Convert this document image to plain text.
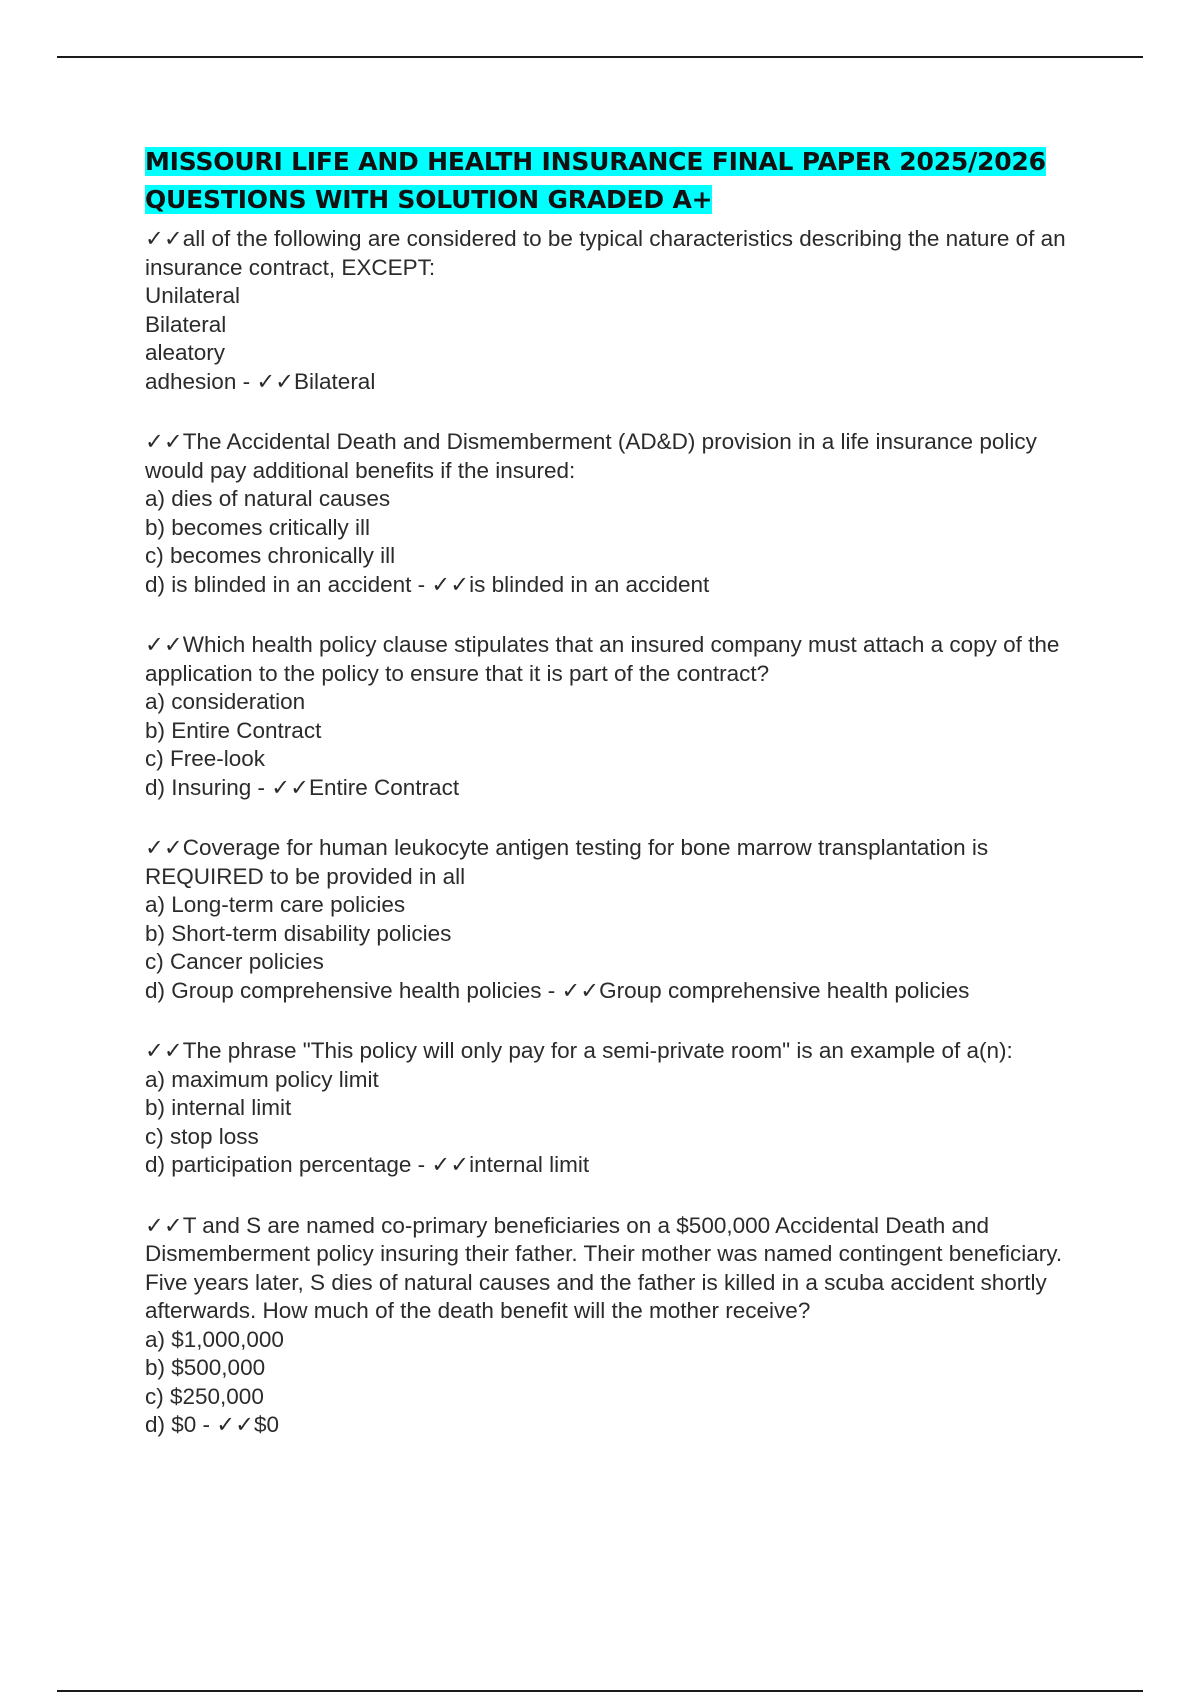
MISSOURI LIFE AND HEALTH INSURANCE FINAL PAPER 2025/2026
QUESTIONS WITH SOLUTION GRADED A+
✓✓all of the following are considered to be typical characteristics describing the nature of an insurance contract, EXCEPT:
Unilateral
Bilateral
aleatory
adhesion - ✓✓Bilateral
✓✓The Accidental Death and Dismemberment (AD&D) provision in a life insurance policy would pay additional benefits if the insured:
a) dies of natural causes
b) becomes critically ill
c) becomes chronically ill
d) is blinded in an accident - ✓✓is blinded in an accident
✓✓Which health policy clause stipulates that an insured company must attach a copy of the application to the policy to ensure that it is part of the contract?
a) consideration
b) Entire Contract
c) Free-look
d) Insuring - ✓✓Entire Contract
✓✓Coverage for human leukocyte antigen testing for bone marrow transplantation is REQUIRED to be provided in all
a) Long-term care policies
b) Short-term disability policies
c) Cancer policies
d) Group comprehensive health policies - ✓✓Group comprehensive health policies
✓✓The phrase "This policy will only pay for a semi-private room" is an example of a(n):
a) maximum policy limit
b) internal limit
c) stop loss
d) participation percentage - ✓✓internal limit
✓✓T and S are named co-primary beneficiaries on a $500,000 Accidental Death and Dismemberment policy insuring their father. Their mother was named contingent beneficiary. Five years later, S dies of natural causes and the father is killed in a scuba accident shortly afterwards. How much of the death benefit will the mother receive?
a) $1,000,000
b) $500,000
c) $250,000
d) $0 - ✓✓$0
